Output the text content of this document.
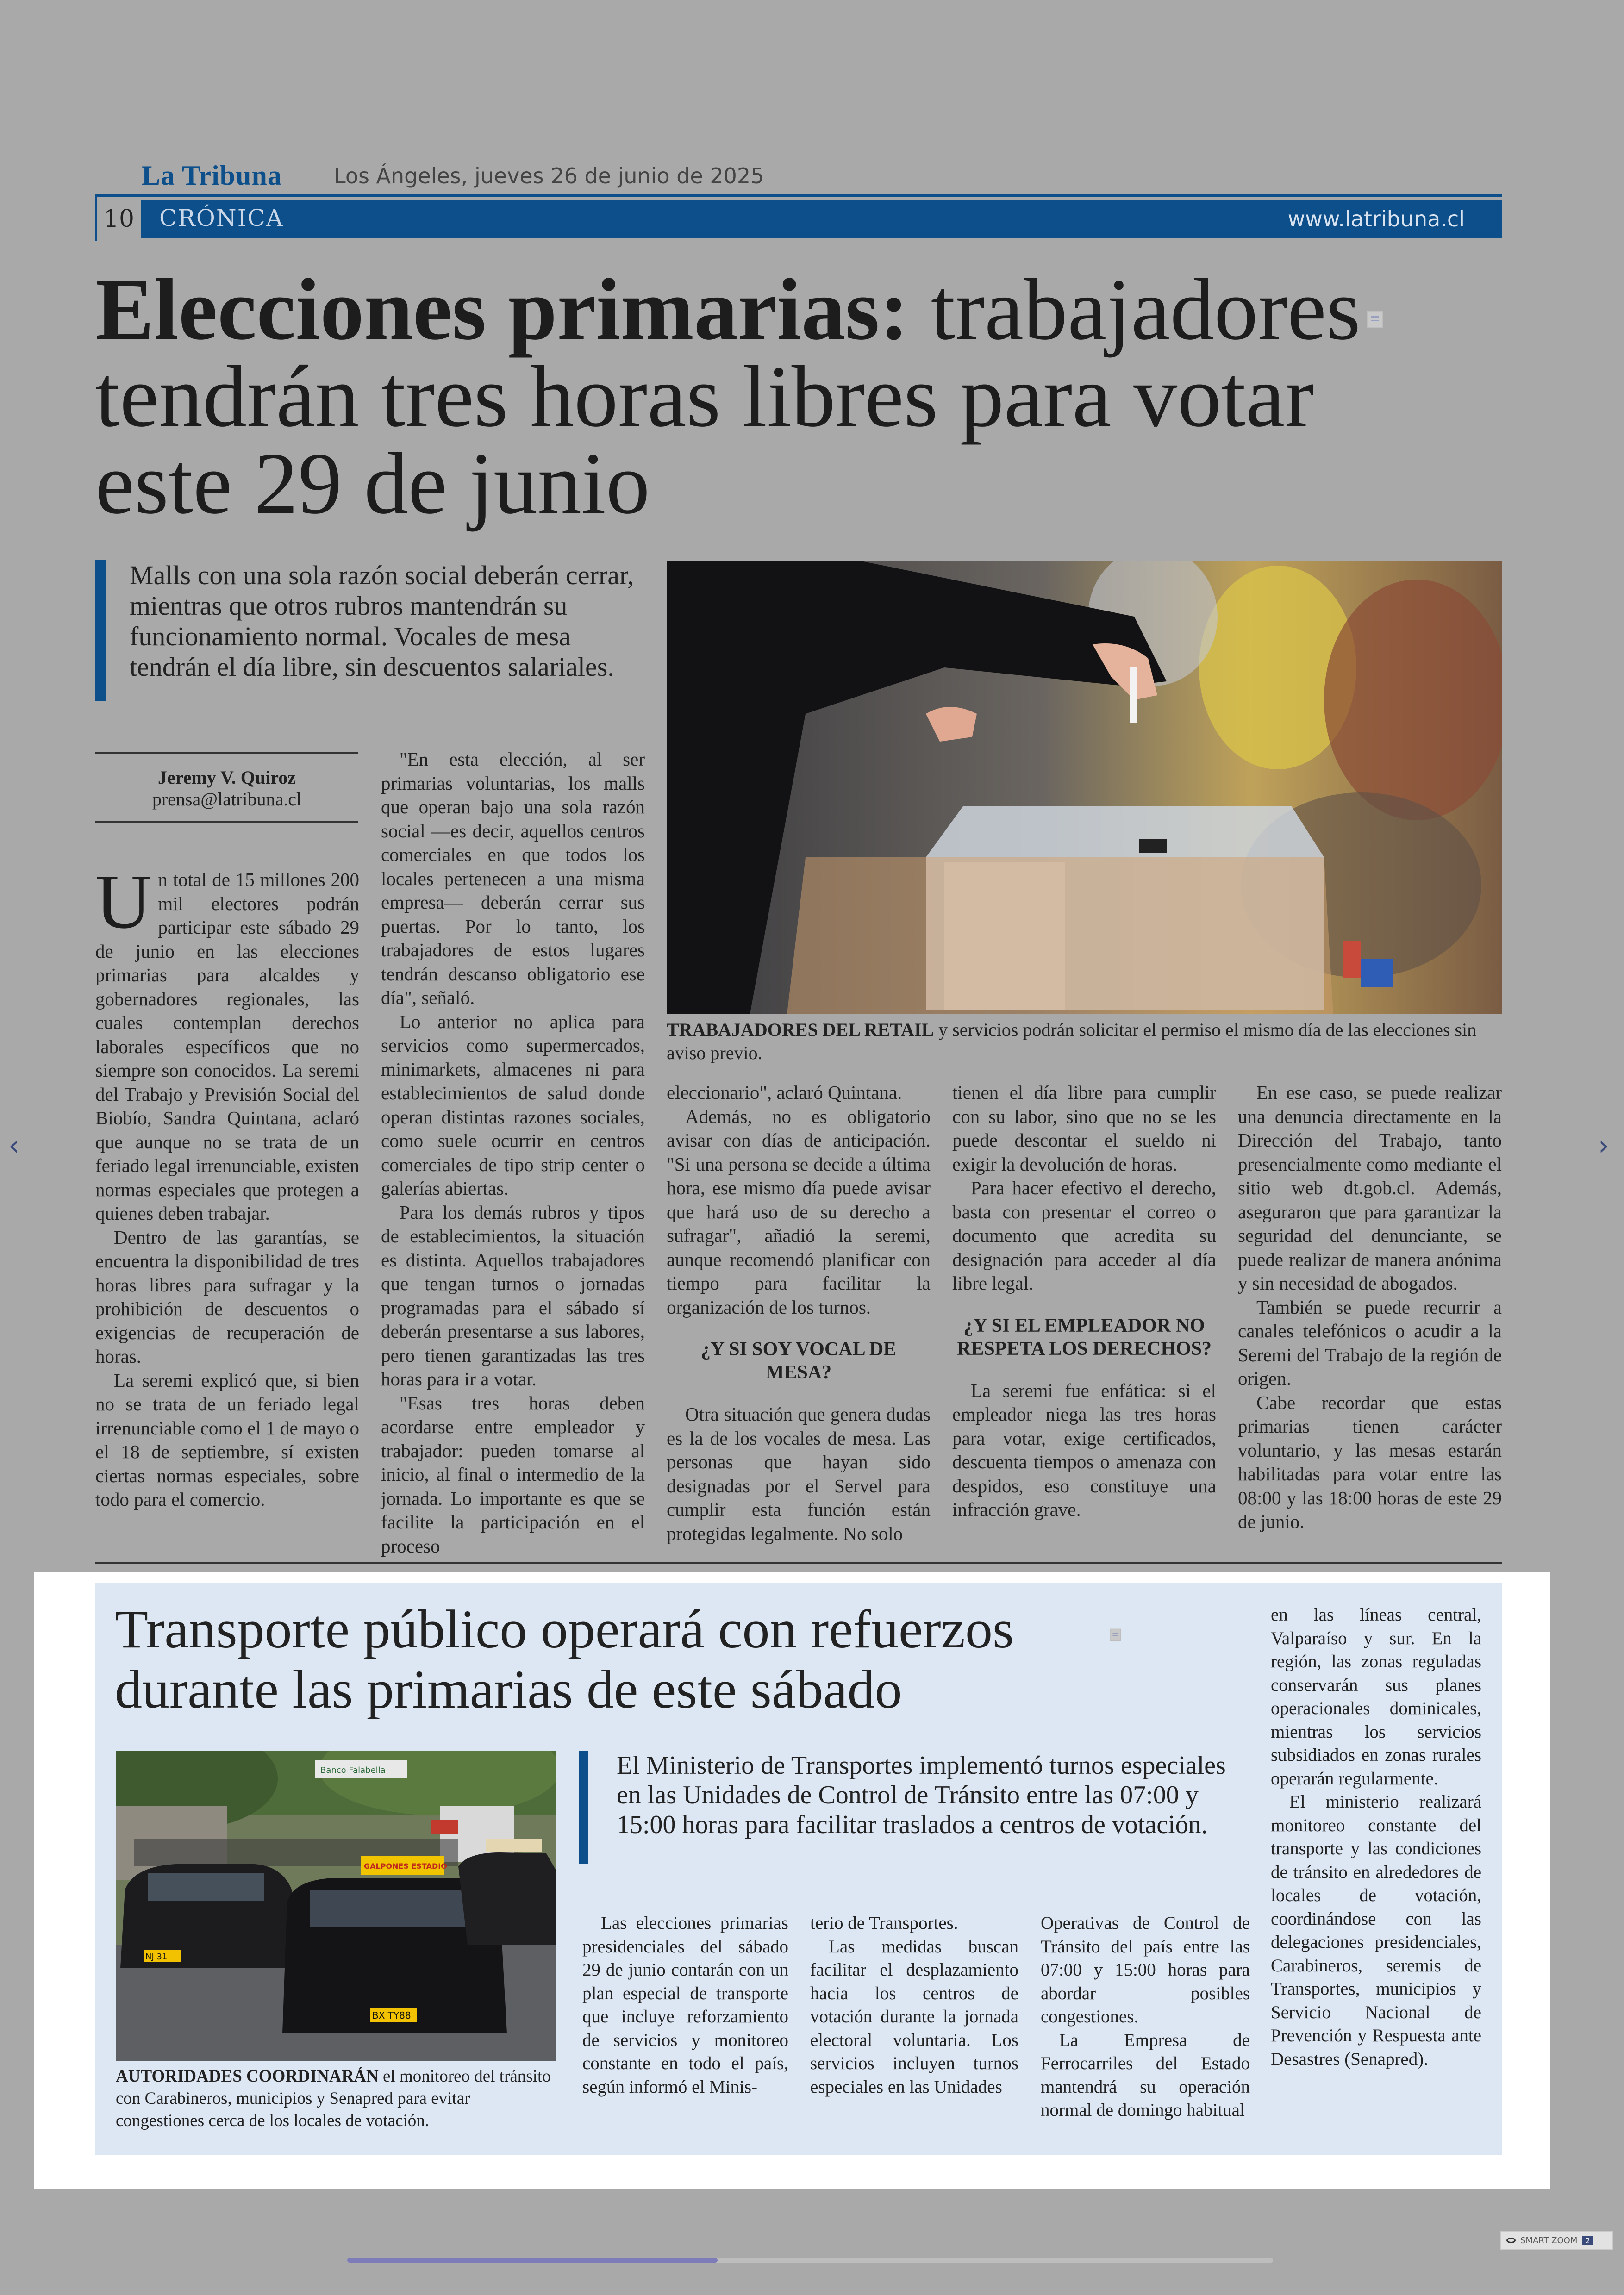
La Tribuna Los Ángeles, jueves 26 de junio de 2025
10 CRÓNICA	www.latribuna.cl
Elecciones primarias: trabajadores tendrán tres horas libres para votar este 29 de junio
Malls con una sola razón social deberán cerrar, mientras que otros rubros mantendrán su funcionamiento normal. Vocales de mesa tendrán el día libre, sin descuentos salariales.
TRABAJADORES DEL RETAIL y servicios podrán solicitar el permiso el mismo día de las elecciones sin aviso previo.
Jeremy V. Quiroz
prensa@latribuna.cl

Un total de 15 millones 200 mil electores podrán participar este sábado 29 de junio en las elecciones primarias para alcaldes y gobernadores regionales, las cuales contemplan derechos laborales específicos que no siempre son conocidos. La seremi del Trabajo y Previsión Social del Biobío, Sandra Quintana, aclaró que aunque no se trata de un feriado legal irrenunciable, existen normas especiales que protegen a quienes deben trabajar.

Dentro de las garantías, se encuentra la disponibilidad de tres horas libres para sufragar y la prohibición de descuentos o exigencias de recuperación de horas.

La seremi explicó que, si bien no se trata de un feriado legal irrenunciable como el 1 de mayo o el 18 de septiembre, sí existen ciertas normas especiales, sobre todo para el comercio.

"En esta elección, al ser primarias voluntarias, los malls que operan bajo una sola razón social —es decir, aquellos centros comerciales en que todos los locales pertenecen a una misma empresa— deberán cerrar sus puertas. Por lo tanto, los trabajadores de estos lugares tendrán descanso obligatorio ese día", señaló.

Lo anterior no aplica para servicios como supermercados, minimarkets, almacenes ni para establecimientos de salud donde operan distintas razones sociales, como suele ocurrir en centros comerciales de tipo strip center o galerías abiertas.

Para los demás rubros y tipos de establecimientos, la situación es distinta. Aquellos trabajadores que tengan turnos o jornadas programadas para el sábado sí deberán presentarse a sus labores, pero tienen garantizadas las tres horas para ir a votar.

"Esas tres horas deben acordarse entre empleador y trabajador: pueden tomarse al inicio, al final o intermedio de la jornada. Lo importante es que se facilite la participación en el proceso

eleccionario", aclaró Quintana.

Además, no es obligatorio avisar con días de anticipación. "Si una persona se decide a última hora, ese mismo día puede avisar que hará uso de su derecho a sufragar", añadió la seremi, aunque recomendó planificar con tiempo para facilitar la organización de los turnos.

¿Y SI SOY VOCAL DE MESA?

Otra situación que genera dudas es la de los vocales de mesa. Las personas que hayan sido designadas por el Servel para cumplir esta función están protegidas legalmente. No solo

tienen el día libre para cumplir con su labor, sino que no se les puede descontar el sueldo ni exigir la devolución de horas.

Para hacer efectivo el derecho, basta con presentar el correo o documento que acredita su designación para acceder al día libre legal.

¿Y SI EL EMPLEADOR NO RESPETA LOS DERECHOS?

La seremi fue enfática: si el empleador niega las tres horas para votar, exige certificados, descuenta tiempos o amenaza con despidos, eso constituye una infracción grave.

En ese caso, se puede realizar una denuncia directamente en la Dirección del Trabajo, tanto presencialmente como mediante el sitio web dt.gob.cl. Además, aseguraron que para garantizar la seguridad del denunciante, se puede realizar de manera anónima y sin necesidad de abogados.

También se puede recurrir a canales telefónicos o acudir a la Seremi del Trabajo de la región de origen.

Cabe recordar que estas primarias tienen carácter voluntario, y las mesas estarán habilitadas para votar entre las 08:00 y las 18:00 horas de este 29 de junio.

Transporte público operará con refuerzos durante las primarias de este sábado
Banco Falabella
NJ 31
GALPONES ESTADIO
BX TY88
AUTORIDADES COORDINARÁN el monitoreo del tránsito con Carabineros, municipios y Senapred para evitar congestiones cerca de los locales de votación.
El Ministerio de Transportes implementó turnos especiales en las Unidades de Control de Tránsito entre las 07:00 y 15:00 horas para facilitar traslados a centros de votación.

Las elecciones primarias presidenciales del sábado 29 de junio contarán con un plan especial de transporte que incluye reforzamiento de servicios y monitoreo constante en todo el país, según informó el Minis-

terio de Transportes.

Las medidas buscan facilitar el desplazamiento hacia los centros de votación durante la jornada electoral voluntaria. Los servicios incluyen turnos especiales en las Unidades

Operativas de Control de Tránsito del país entre las 07:00 y 15:00 horas para abordar posibles congestiones.

La Empresa de Ferrocarriles del Estado mantendrá su operación normal de domingo habitual

en las líneas central, Valparaíso y sur. En la región, las zonas reguladas conservarán sus planes operacionales dominicales, mientras los servicios subsidiados en zonas rurales operarán regularmente.

El ministerio realizará monitoreo constante del transporte y las condiciones de tránsito en alrededores de locales de votación, coordinándose con las delegaciones presidenciales, Carabineros, seremis de Transportes, municipios y Servicio Nacional de Prevención y Respuesta ante Desastres (Senapred).

‹	›
SMART ZOOM	2
